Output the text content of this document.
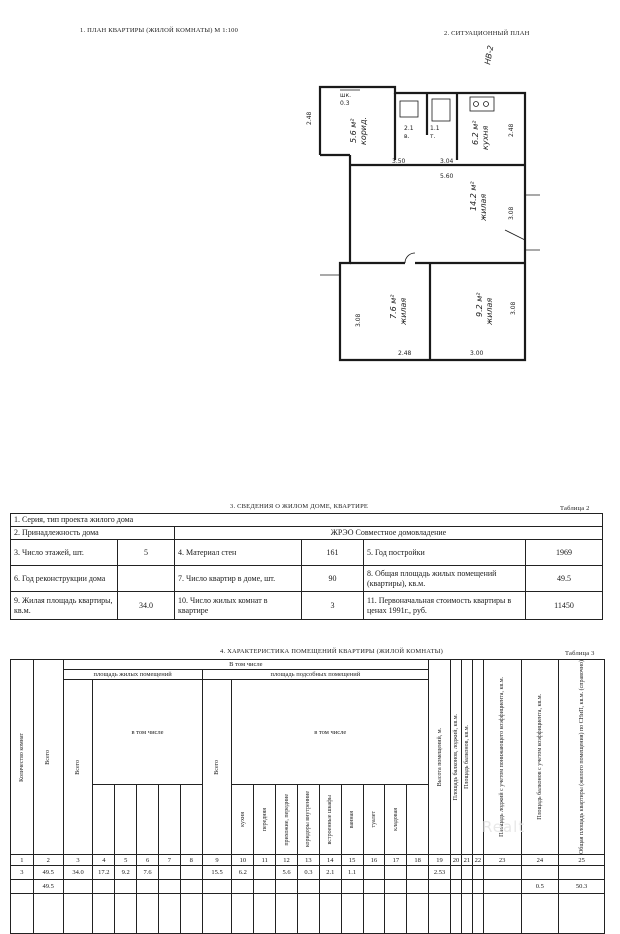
1. ПЛАН КВАРТИРЫ (ЖИЛОЙ КОМНАТЫ) М 1:100	2. СИТУАЦИОННЫЙ ПЛАН
НВ-2
14.2 м² жилая
7.6 м² жилая	9.2 м² жилая
6.2 м² кухня
5.6 м² корид.
0.3
шк.
2.1
в.
1.1
т.
3.50	3.04
5.60
2.48
3.08
3.08
2.48	3.00
3.08
2.48
3. СВЕДЕНИЯ О ЖИЛОМ ДОМЕ, КВАРТИРЕ	Таблица 2
1. Серия, тип проекта жилого дома					
2. Принадлежность дома		ЖРЭО Совместное домовладение			
3. Число этажей, шт.	5	4. Материал стен	161	5. Год постройки	1969
6. Год реконструкции дома		7. Число квартир в доме, шт.	90	8. Общая площадь жилых помещений (квартиры), кв.м.	49.5
9. Жилая площадь квартиры, кв.м.	34.0	10. Число жилых комнат в квартире	3	11. Первоначальная стоимость квартиры в ценах 1991г., руб.	11450
4. ХАРАКТЕРИСТИКА ПОМЕЩЕНИЙ КВАРТИРЫ (ЖИЛОЙ КОМНАТЫ)	Таблица 3
Количество комнат	Всего	В том числе																Высота помещений, м.	Площадь балконов, лоджий, кв.м.	Площадь балконов, кв.м.		Площадь лоджий с учетом понижающего коэффициента, кв.м.	Площадь балконов с учетом коэффициента, кв.м.	Общая площадь квартиры (жилого помещения) по СНиП, кв.м. (справочно)

		площадь жилых помещений						площадь подсобных помещений																

		Всего	в том числе					Всего	в том числе															

									кухня	передняя	прихожие, передние	коридоры внутренние	встроенные шкафы	ванная	туалет	кладовая								

1	2	3	4	5	6	7	8	9	10	11	12	13	14	15	16	17	18	19	20	21	22	23	24	25
3	49.5	34.0	17.2	9.2	7.6			15.5	6.2		5.6	0.3	2.1	1.1				2.53						
	49.5																						0.5	50.3

Realt
